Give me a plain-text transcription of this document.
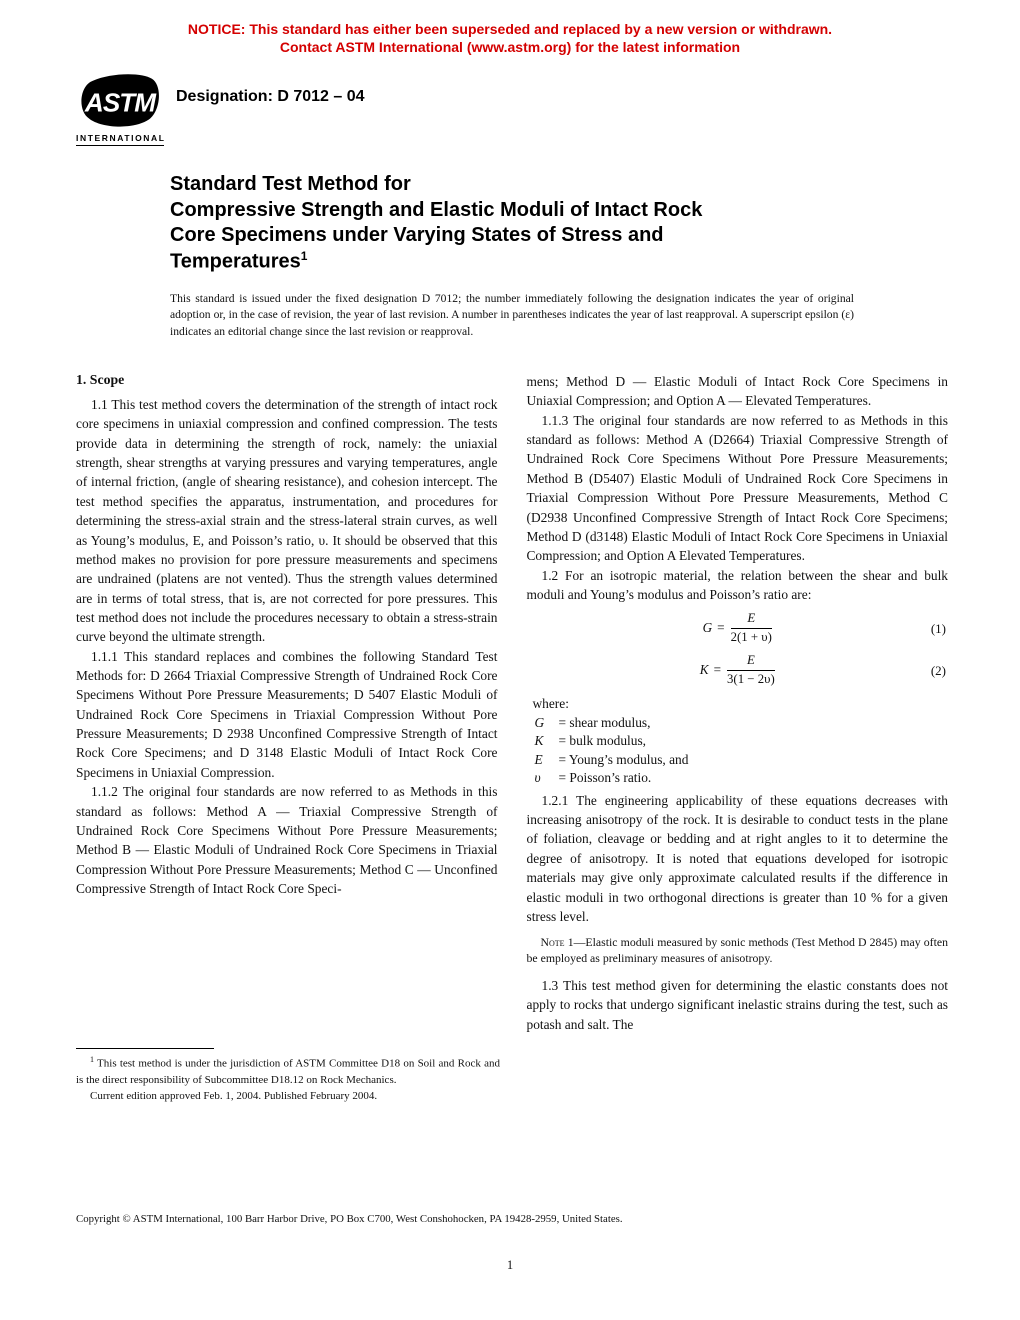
NOTICE: This standard has either been superseded and replaced by a new version or withdrawn.
Contact ASTM International (www.astm.org) for the latest information
ASTM
INTERNATIONAL
Designation: D 7012 – 04
Standard Test Method for
Compressive Strength and Elastic Moduli of Intact Rock
Core Specimens under Varying States of Stress and
Temperatures$^1$

This standard is issued under the fixed designation D 7012; the number immediately following the designation indicates the year of original adoption or, in the case of revision, the year of last revision. A number in parentheses indicates the year of last reapproval. A superscript epsilon (ε) indicates an editorial change since the last revision or reapproval.

1. Scope

1.1 This test method covers the determination of the strength of intact rock core specimens in uniaxial compression and confined compression. The tests provide data in determining the strength of rock, namely: the uniaxial strength, shear strengths at varying pressures and varying temperatures, angle of internal friction, (angle of shearing resistance), and cohesion intercept. The test method specifies the apparatus, instrumentation, and procedures for determining the stress-axial strain and the stress-lateral strain curves, as well as Young’s modulus, E, and Poisson’s ratio, υ. It should be observed that this method makes no provision for pore pressure measurements and specimens are undrained (platens are not vented). Thus the strength values determined are in terms of total stress, that is, are not corrected for pore pressures. This test method does not include the procedures necessary to obtain a stress-strain curve beyond the ultimate strength.

1.1.1 This standard replaces and combines the following Standard Test Methods for: D 2664 Triaxial Compressive Strength of Undrained Rock Core Specimens Without Pore Pressure Measurements; D 5407 Elastic Moduli of Undrained Rock Core Specimens in Triaxial Compression Without Pore Pressure Measurements; D 2938 Unconfined Compressive Strength of Intact Rock Core Specimens; and D 3148 Elastic Moduli of Intact Rock Core Specimens in Uniaxial Compression.

1.1.2 The original four standards are now referred to as Methods in this standard as follows: Method A — Triaxial Compressive Strength of Undrained Rock Core Specimens Without Pore Pressure Measurements; Method B — Elastic Moduli of Undrained Rock Core Specimens in Triaxial Compression Without Pore Pressure Measurements; Method C — Unconfined Compressive Strength of Intact Rock Core Speci-

mens; Method D — Elastic Moduli of Intact Rock Core Specimens in Uniaxial Compression; and Option A — Elevated Temperatures.

1.1.3 The original four standards are now referred to as Methods in this standard as follows: Method A (D2664) Triaxial Compressive Strength of Undrained Rock Core Specimens Without Pore Pressure Measurements; Method B (D5407) Elastic Moduli of Undrained Rock Core Specimens in Triaxial Compression Without Pore Pressure Measurements, Method C (D2938 Unconfined Compressive Strength of Intact Rock Core Specimens; Method D (d3148) Elastic Moduli of Intact Rock Core Specimens in Uniaxial Compression; and Option A Elevated Temperatures.

1.2 For an isotropic material, the relation between the shear and bulk moduli and Young’s modulus and Poisson’s ratio are:

$G = \frac{E}{2(1 + \upsilon)}$	(1)
$K = \frac{E}{3(1 - 2\upsilon)}$	(2)
where:
G	= shear modulus,
K	= bulk modulus,
E	= Young’s modulus, and
υ	= Poisson’s ratio.

1.2.1 The engineering applicability of these equations decreases with increasing anisotropy of the rock. It is desirable to conduct tests in the plane of foliation, cleavage or bedding and at right angles to it to determine the degree of anisotropy. It is noted that equations developed for isotropic materials may give only approximate calculated results if the difference in elastic moduli in two orthogonal directions is greater than 10 % for a given stress level.

Note 1—Elastic moduli measured by sonic methods (Test Method D 2845) may often be employed as preliminary measures of anisotropy.

1.3 This test method given for determining the elastic constants does not apply to rocks that undergo significant inelastic strains during the test, such as potash and salt. The

$^1$ This test method is under the jurisdiction of ASTM Committee D18 on Soil and Rock and is the direct responsibility of Subcommittee D18.12 on Rock Mechanics.

Current edition approved Feb. 1, 2004. Published February 2004.

Copyright © ASTM International, 100 Barr Harbor Drive, PO Box C700, West Conshohocken, PA 19428-2959, United States.
1
